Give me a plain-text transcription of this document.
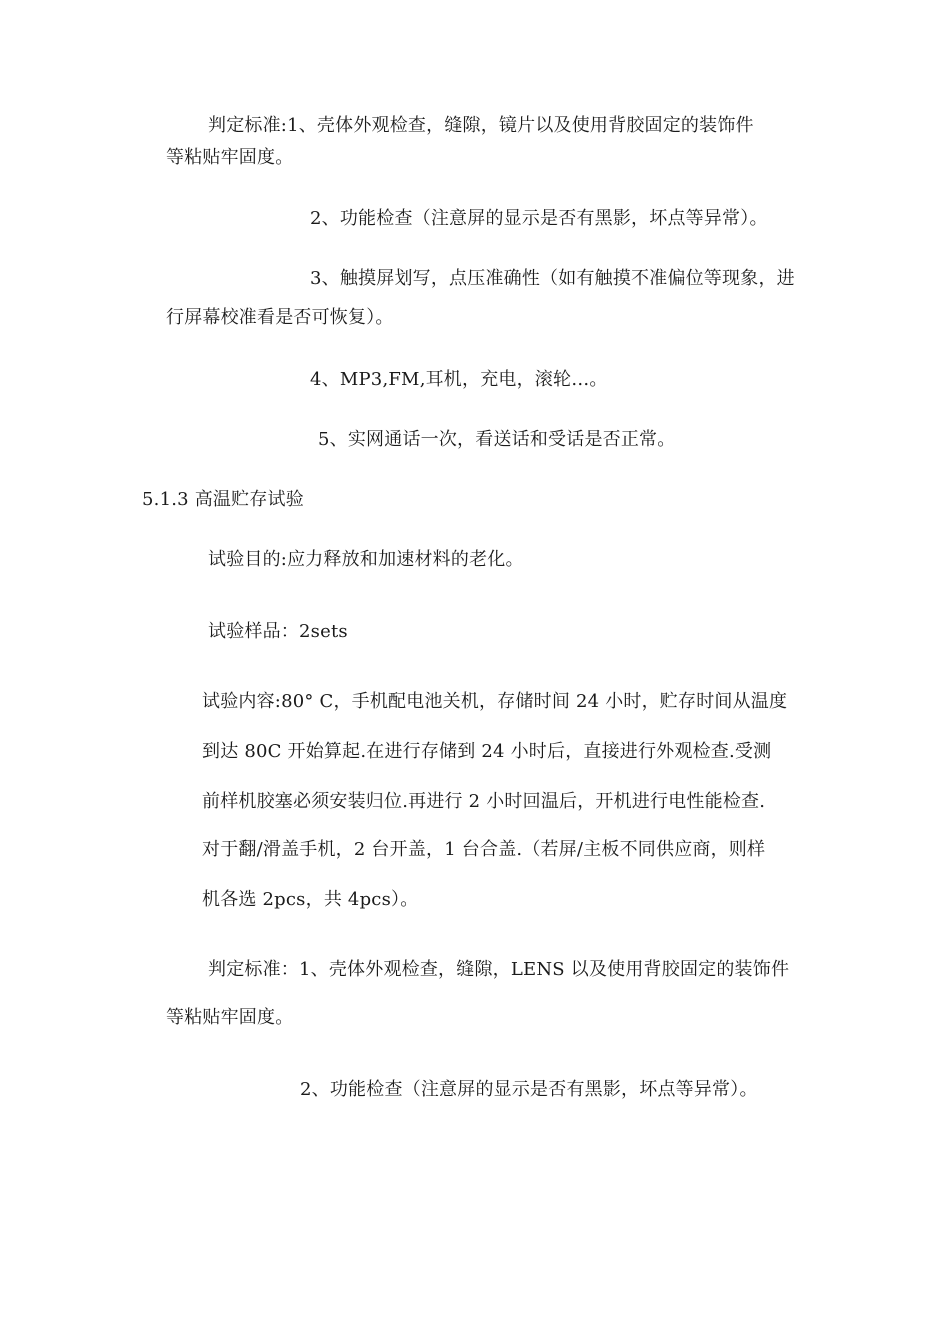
判定标准:1、壳体外观检查，缝隙，镜片以及使用背胶固定的装饰件
等粘贴牢固度。
2、功能检查（注意屏的显示是否有黑影，坏点等异常）。
3、触摸屏划写，点压准确性（如有触摸不准偏位等现象，进
行屏幕校准看是否可恢复）。
4、MP3,FM,耳机，充电，滚轮…。
5、实网通话一次，看送话和受话是否正常。
5.1.3 高温贮存试验
试验目的:应力释放和加速材料的老化。
试验样品：2sets
试验内容:80° C，手机配电池关机，存储时间 24 小时，贮存时间从温度
到达 80C 开始算起.在进行存储到 24 小时后，直接进行外观检查.受测
前样机胶塞必须安装归位.再进行 2 小时回温后，开机进行电性能检查.
对于翻/滑盖手机，2 台开盖，1 台合盖.（若屏/主板不同供应商，则样
机各选 2pcs，共 4pcs）。
判定标准：1、壳体外观检查，缝隙，LENS 以及使用背胶固定的装饰件
等粘贴牢固度。
2、功能检查（注意屏的显示是否有黑影，坏点等异常）。
